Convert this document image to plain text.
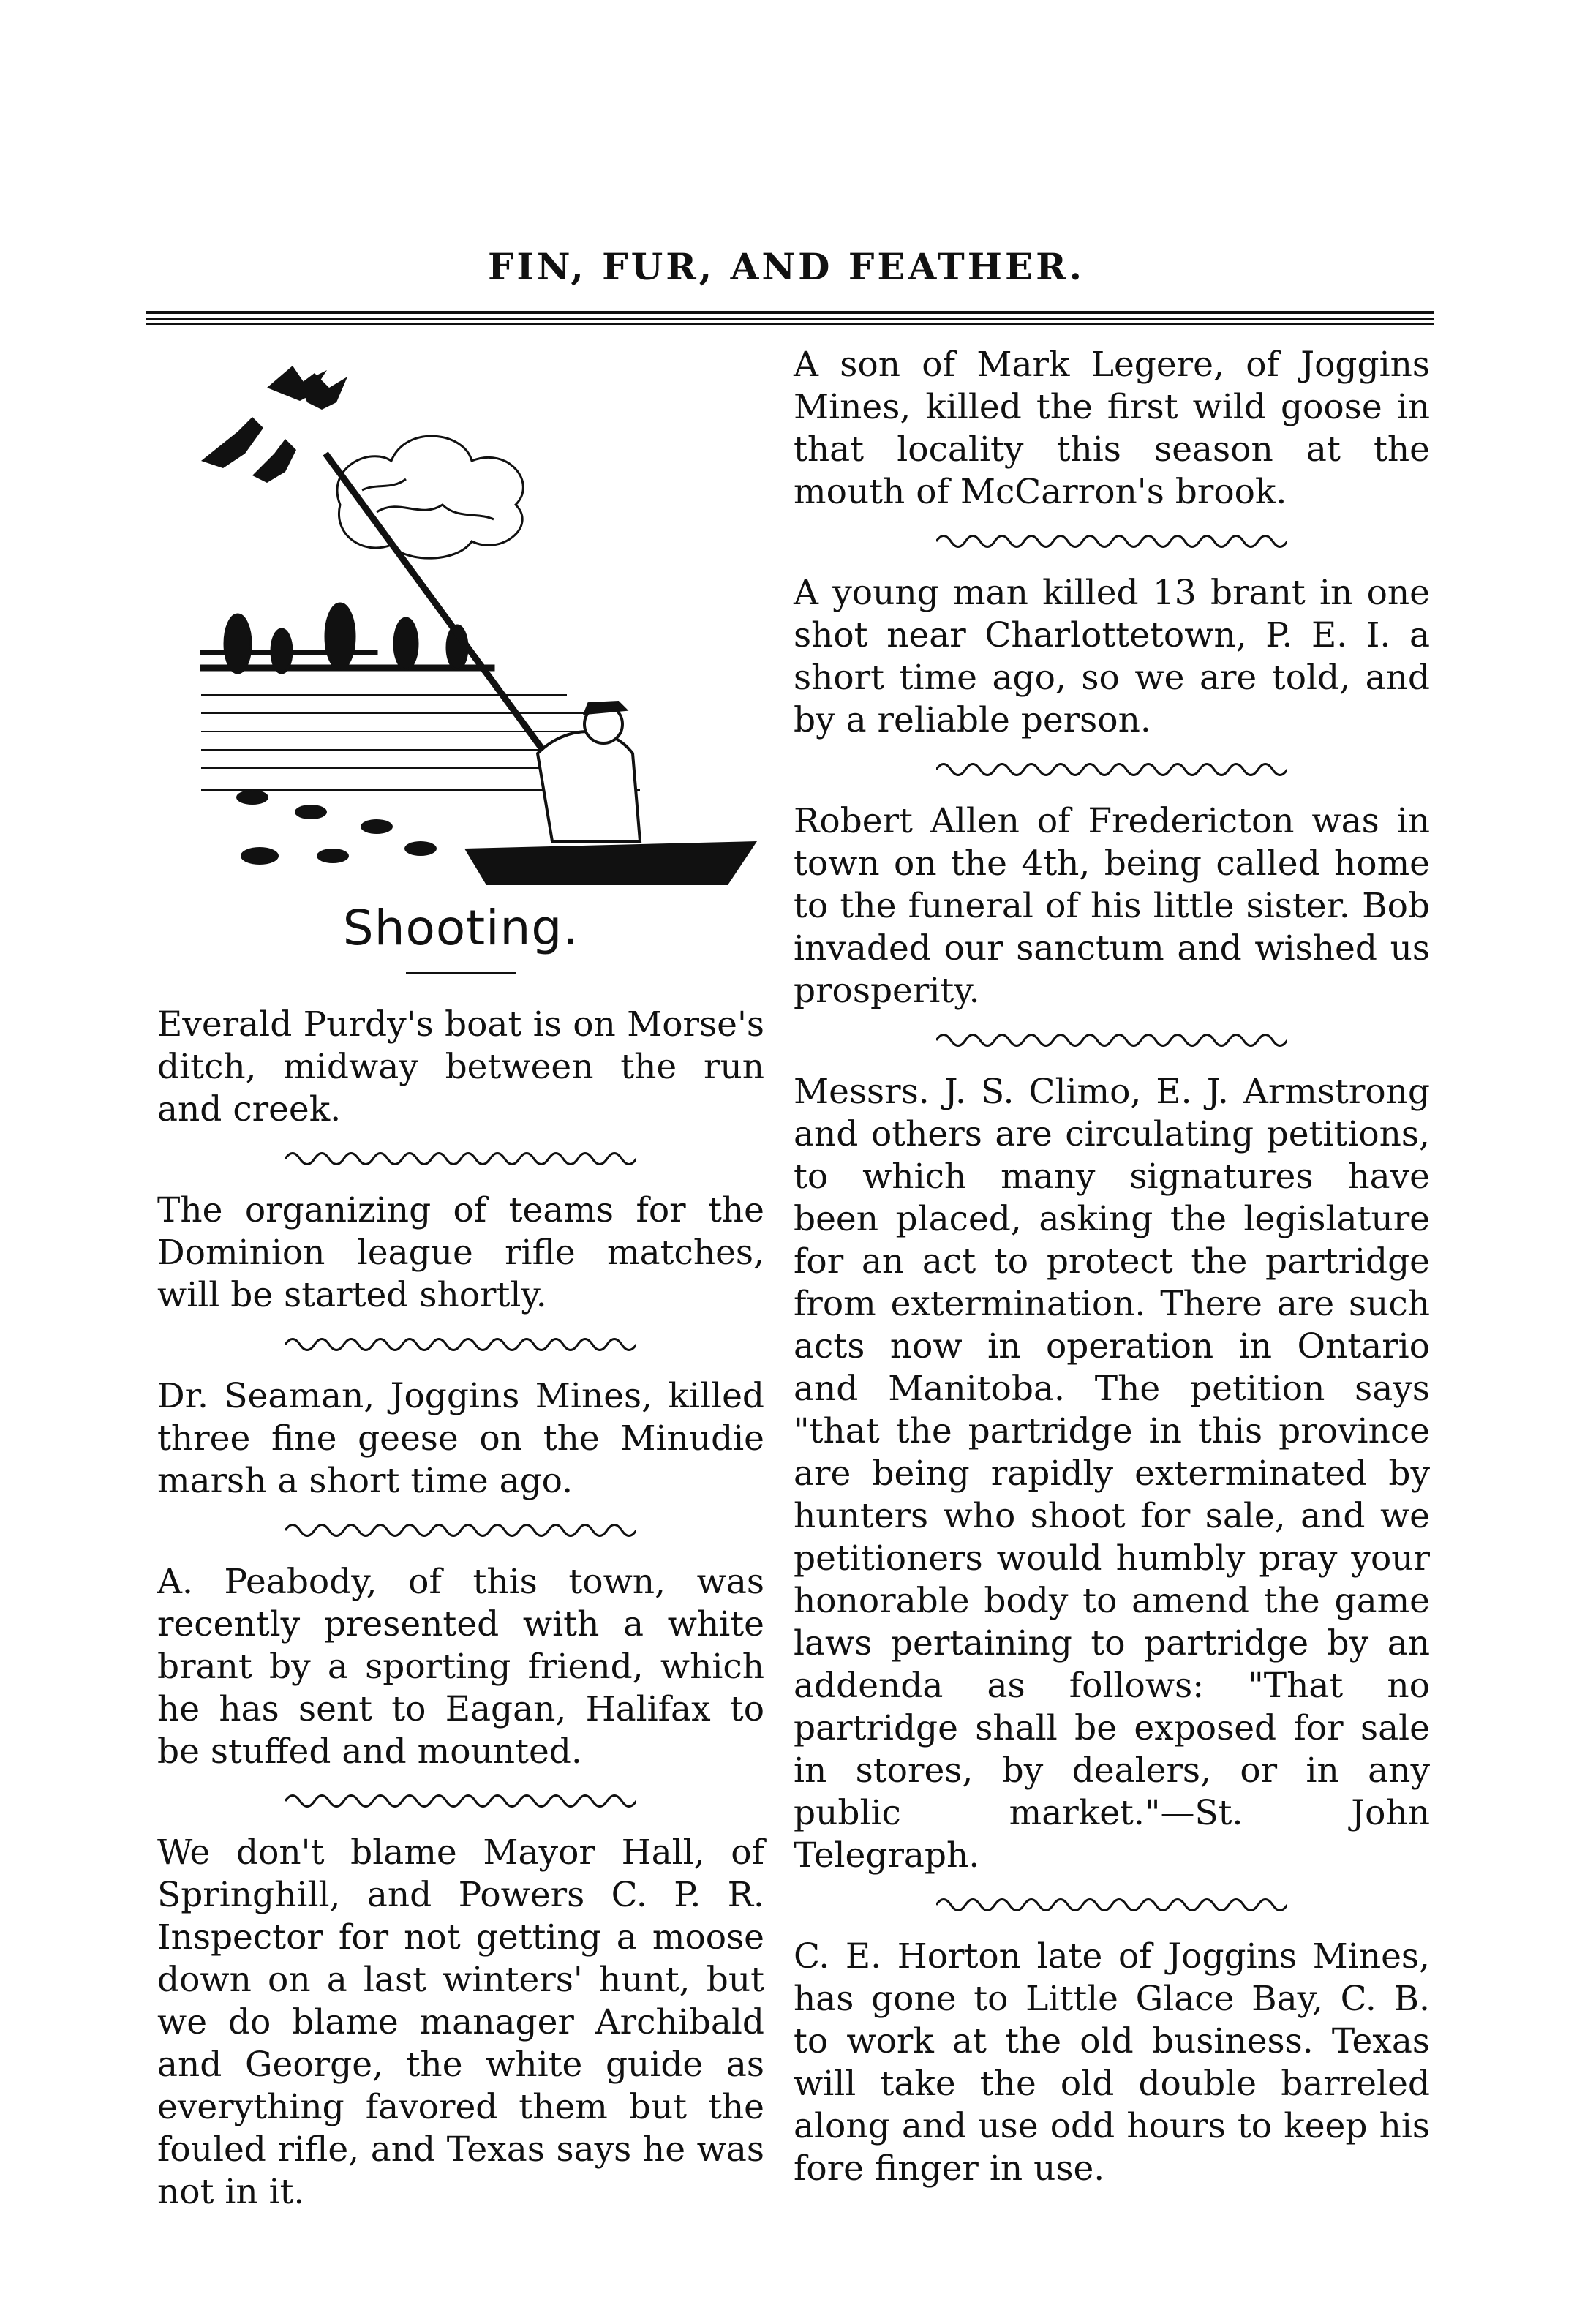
FIN, FUR, AND FEATHER.
Shooting.

Everald Purdy's boat is on Morse's ditch, midway between the run and creek.

The organizing of teams for the Dominion league rifle matches, will be started shortly.

Dr. Seaman, Joggins Mines, killed three fine geese on the Minudie marsh a short time ago.

A. Peabody, of this town, was recently presented with a white brant by a sporting friend, which he has sent to Eagan, Halifax to be stuffed and mounted.

We don't blame Mayor Hall, of Springhill, and Powers C. P. R. Inspector for not getting a moose down on a last winters' hunt, but we do blame manager Archibald and George, the white guide as everything favored them but the fouled rifle, and Texas says he was not in it.

A son of Mark Legere, of Joggins Mines, killed the first wild goose in that locality this season at the mouth of McCarron's brook.

A young man killed 13 brant in one shot near Charlottetown, P. E. I. a short time ago, so we are told, and by a reliable person.

Robert Allen of Fredericton was in town on the 4th, being called home to the funeral of his little sister. Bob invaded our sanctum and wished us prosperity.

Messrs. J. S. Climo, E. J. Armstrong and others are circulating petitions, to which many signatures have been placed, asking the legislature for an act to protect the partridge from extermination. There are such acts now in operation in Ontario and Manitoba. The petition says "that the partridge in this province are being rapidly exterminated by hunters who shoot for sale, and we petitioners would humbly pray your honorable body to amend the game laws pertaining to partridge by an addenda as follows: "That no partridge shall be exposed for sale in stores, by dealers, or in any public market."—St. John Telegraph.

C. E. Horton late of Joggins Mines, has gone to Little Glace Bay, C. B. to work at the old business. Texas will take the old double barreled along and use odd hours to keep his fore finger in use.
